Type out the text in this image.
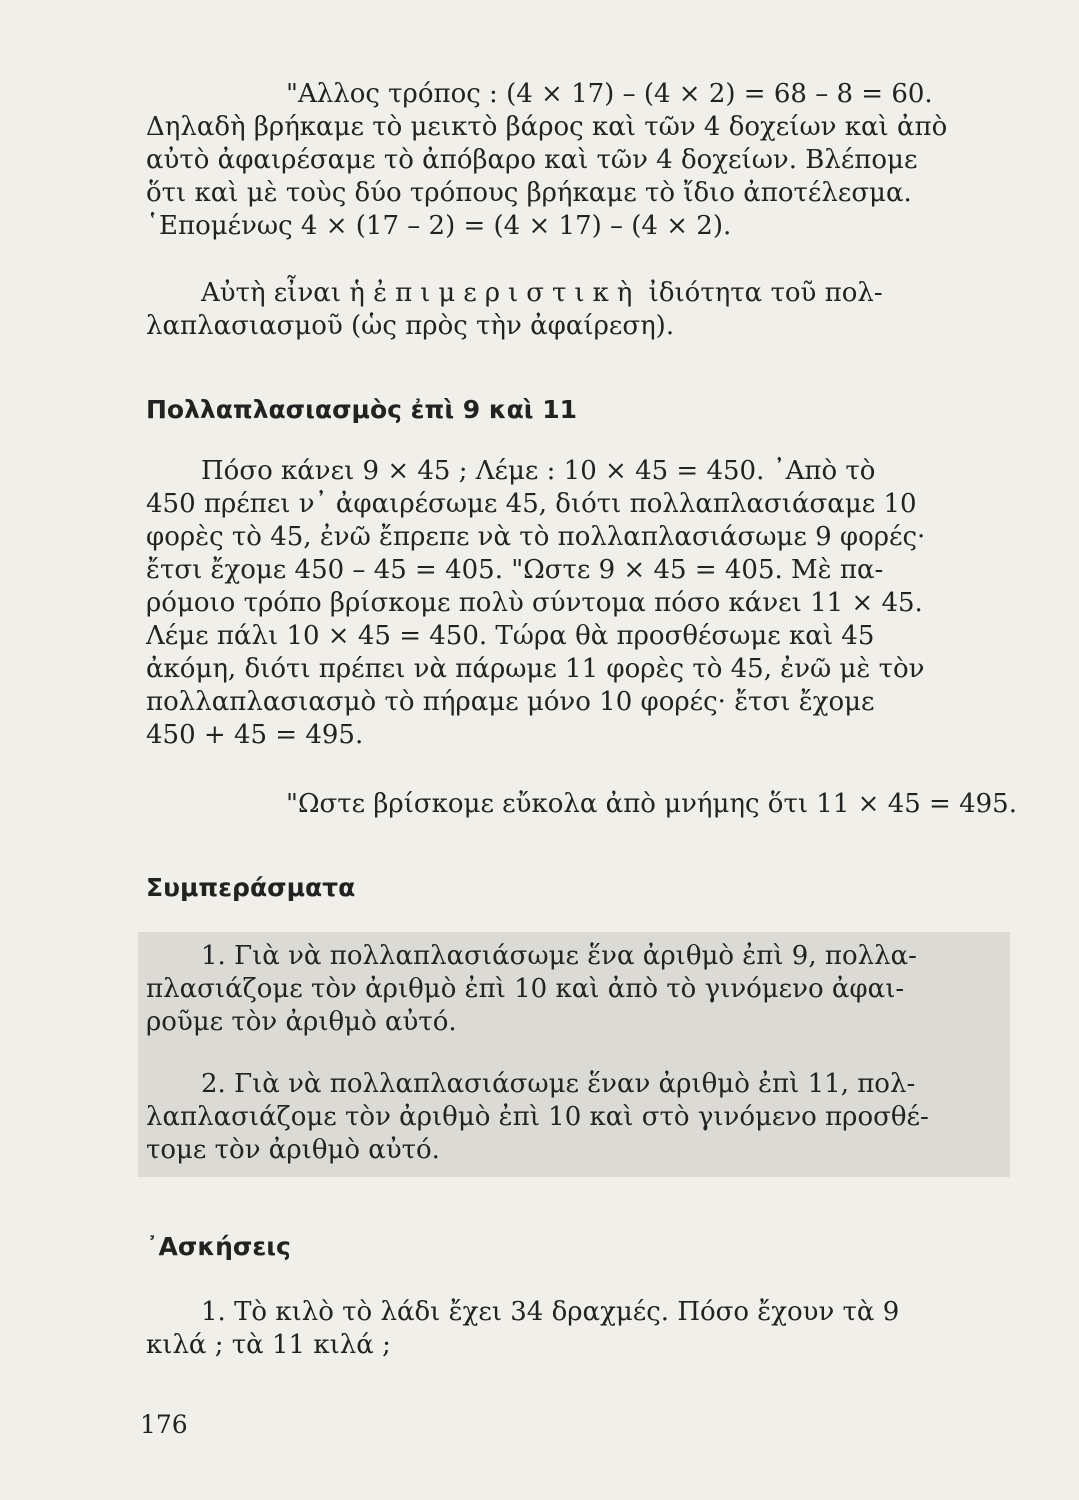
"Αλλος τρόπος : (4 × 17) – (4 × 2) = 68 – 8 = 60.
Δηλαδὴ βρήκαμε τὸ μεικτὸ βάρος καὶ τῶν 4 δοχείων καὶ ἀπὸ
αὐτὸ ἀφαιρέσαμε τὸ ἀπόβαρο καὶ τῶν 4 δοχείων. Βλέπομε
ὅτι καὶ μὲ τοὺς δύο τρόπους βρήκαμε τὸ ἴδιο ἀποτέλεσμα.
῾Επομένως 4 × (17 – 2) = (4 × 17) – (4 × 2).

Αὐτὴ εἶναι ἡ ἐπιμεριστικὴ ἰδιότητα τοῦ πολ-
λαπλασιασμοῦ (ὡς πρὸς τὴν ἀφαίρεση).

Πολλαπλασιασμὸς ἐπὶ 9 καὶ 11

Πόσο κάνει 9 × 45 ; Λέμε : 10 × 45 = 450. ᾿Απὸ τὸ
450 πρέπει ν᾿ ἀφαιρέσωμε 45, διότι πολλαπλασιάσαμε 10
φορὲς τὸ 45, ἐνῶ ἔπρεπε νὰ τὸ πολλαπλασιάσωμε 9 φορές·
ἔτσι ἔχομε 450 – 45 = 405. "Ωστε 9 × 45 = 405. Μὲ πα-
ρόμοιο τρόπο βρίσκομε πολὺ σύντομα πόσο κάνει 11 × 45.
Λέμε πάλι 10 × 45 = 450. Τώρα θὰ προσθέσωμε καὶ 45
ἀκόμη, διότι πρέπει νὰ πάρωμε 11 φορὲς τὸ 45, ἐνῶ μὲ τὸν
πολλαπλασιασμὸ τὸ πήραμε μόνο 10 φορές· ἔτσι ἔχομε
450 + 45 = 495.

"Ωστε βρίσκομε εὔκολα ἀπὸ μνήμης ὅτι 11 × 45 = 495.

Συμπεράσματα

1. Γιὰ νὰ πολλαπλασιάσωμε ἕνα ἀριθμὸ ἐπὶ 9, πολλα-
πλασιάζομε τὸν ἀριθμὸ ἐπὶ 10 καὶ ἀπὸ τὸ γινόμενο ἀφαι-
ροῦμε τὸν ἀριθμὸ αὐτό.

2. Γιὰ νὰ πολλαπλασιάσωμε ἕναν ἀριθμὸ ἐπὶ 11, πολ-
λαπλασιάζομε τὸν ἀριθμὸ ἐπὶ 10 καὶ στὸ γινόμενο προσθέ-
τομε τὸν ἀριθμὸ αὐτό.

᾿Ασκήσεις

1. Τὸ κιλὸ τὸ λάδι ἔχει 34 δραχμές. Πόσο ἔχουν τὰ 9
κιλά ; τὰ 11 κιλά ;

176
